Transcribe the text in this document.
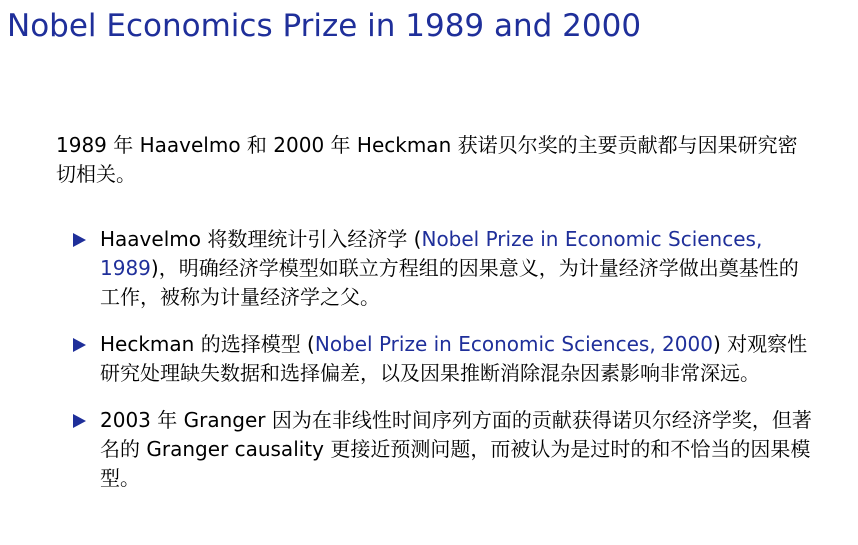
Nobel Economics Prize in 1989 and 2000
1989 年 Haavelmo 和 2000 年 Heckman 获诺贝尔奖的主要贡献都与因果研究密切相关。
Haavelmo 将数理统计引入经济学 (Nobel Prize in Economic Sciences, 1989)，明确经济学模型如联立方程组的因果意义，为计量经济学做出奠基性的工作，被称为计量经济学之父。
Heckman 的选择模型 (Nobel Prize in Economic Sciences, 2000) 对观察性研究处理缺失数据和选择偏差，以及因果推断消除混杂因素影响非常深远。
2003 年 Granger 因为在非线性时间序列方面的贡献获得诺贝尔经济学奖，但著名的 Granger causality 更接近预测问题，而被认为是过时的和不恰当的因果模型。
